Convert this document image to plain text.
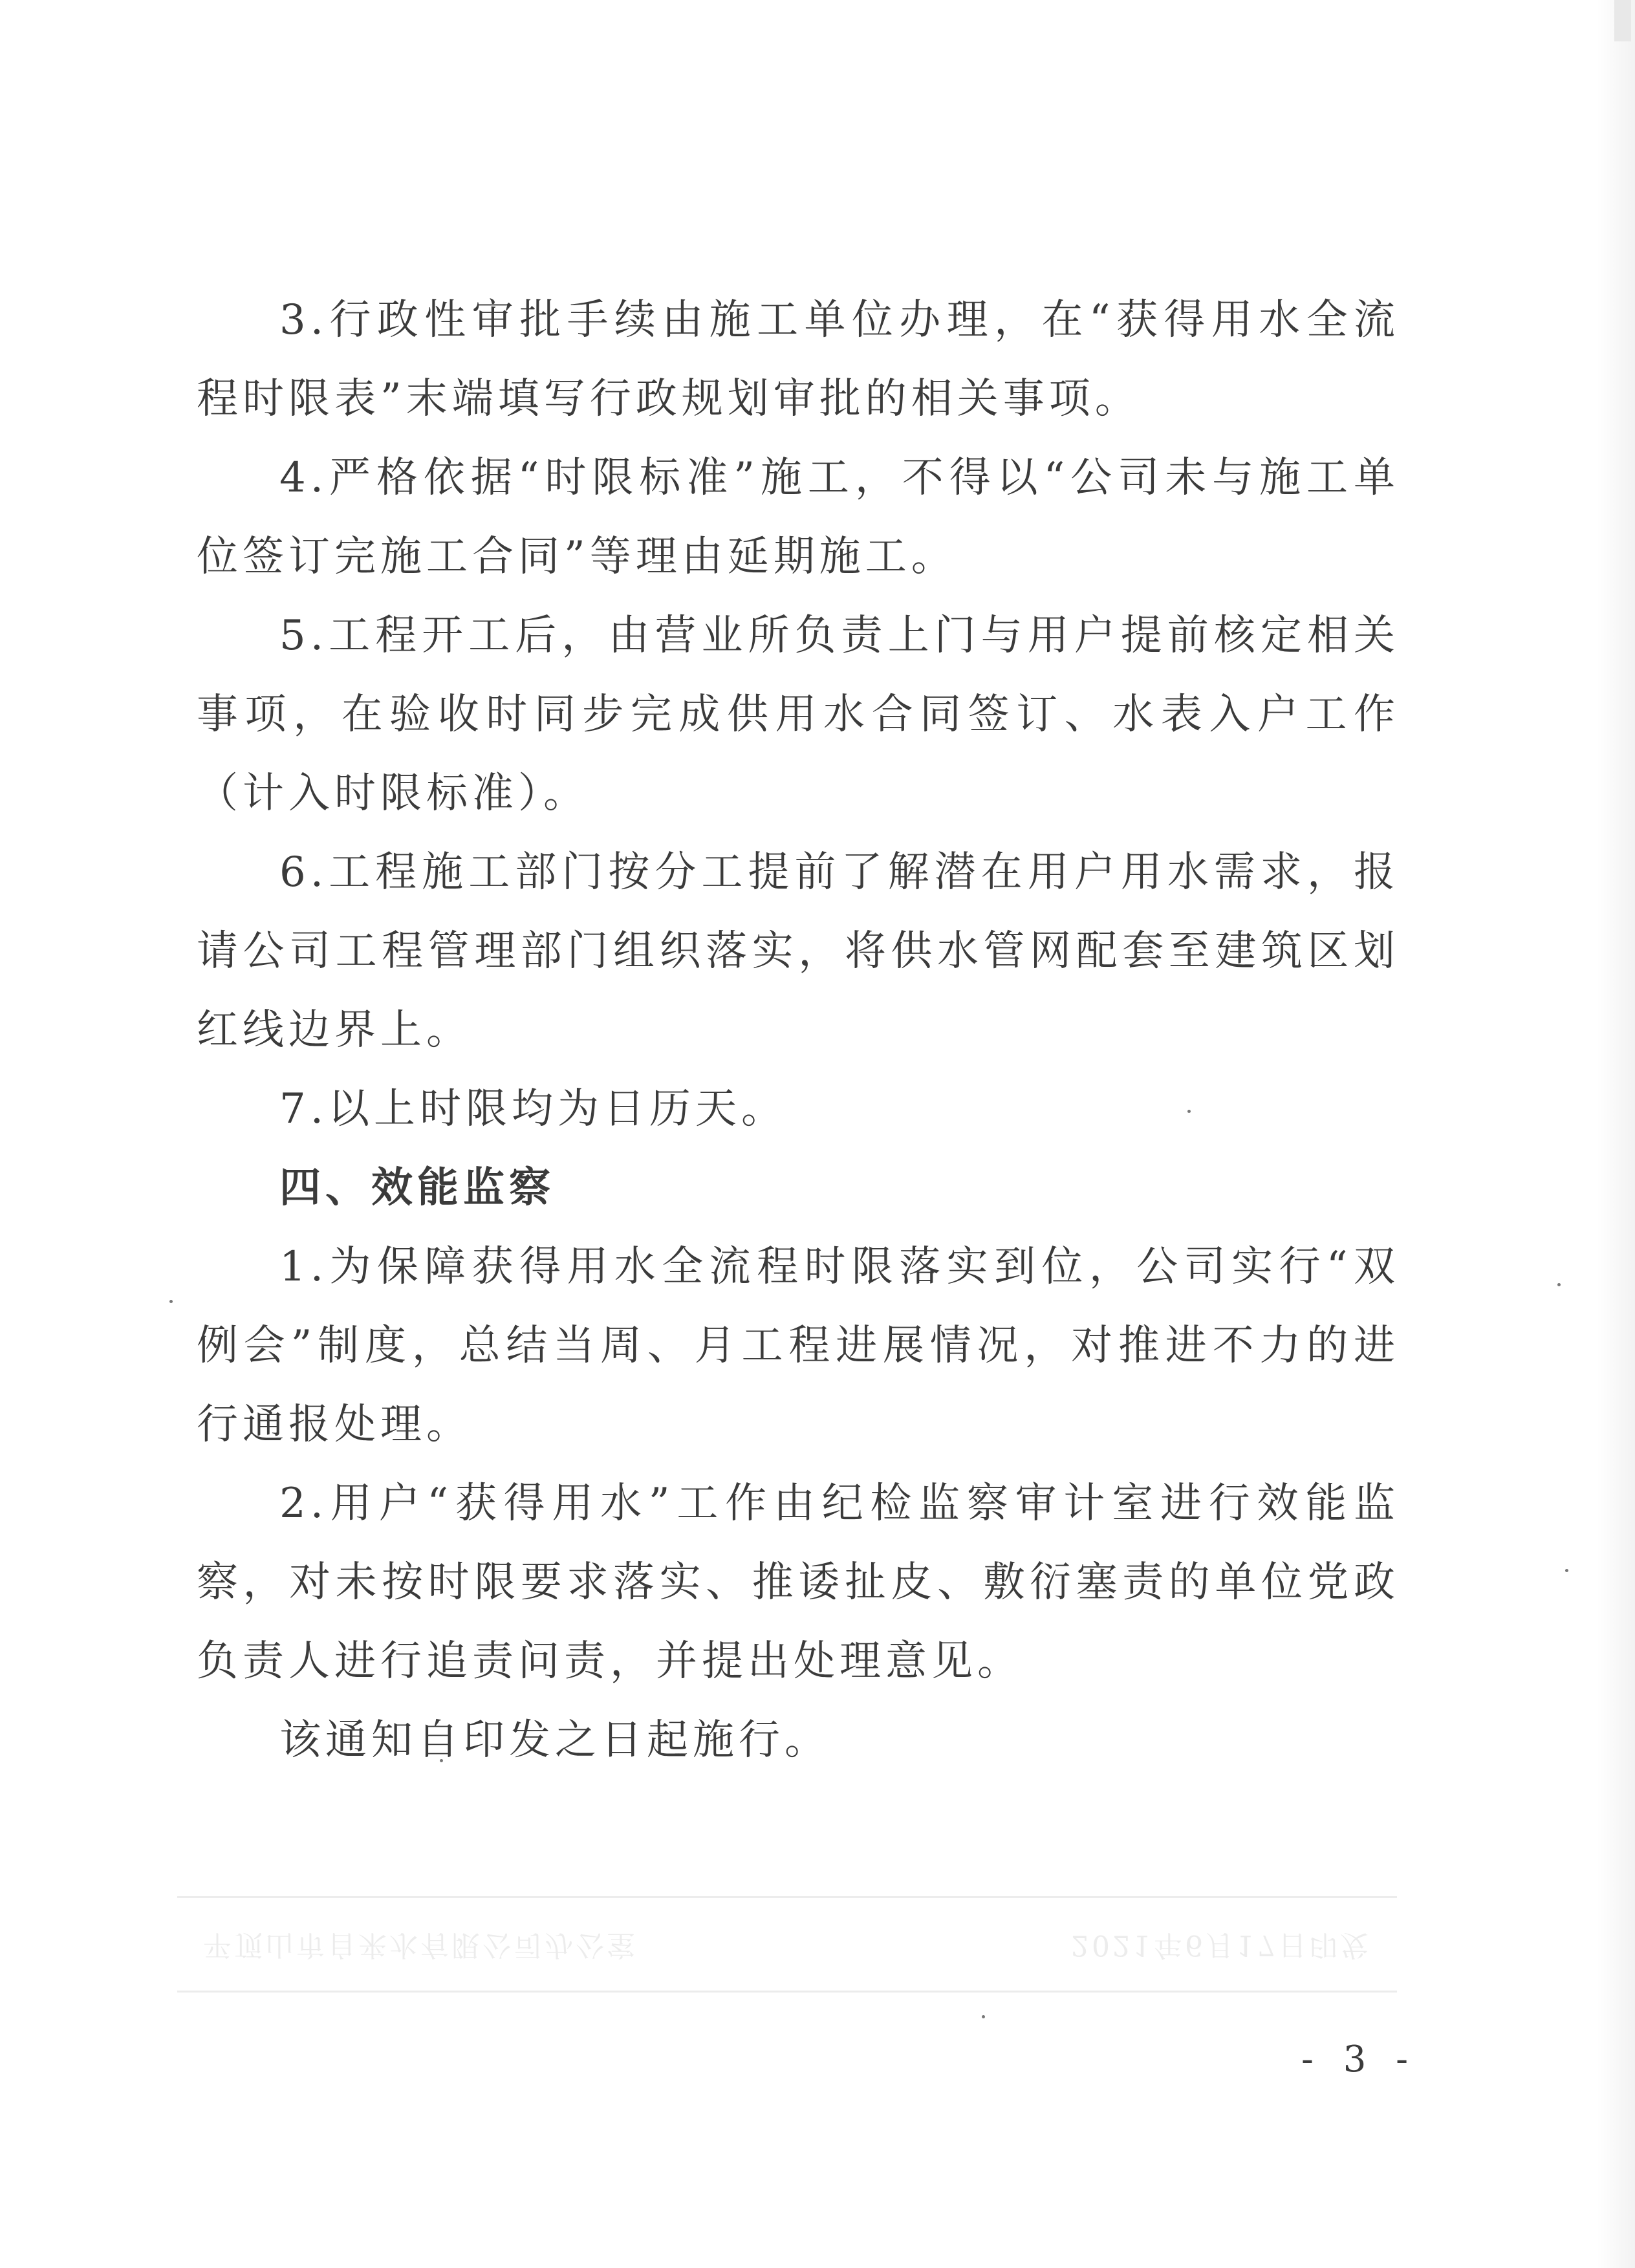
3.行政性审批手续由施工单位办理，在“获得用水全流程时限表”末端填写行政规划审批的相关事项。

4.严格依据“时限标准”施工，不得以“公司未与施工单位签订完施工合同”等理由延期施工。

5.工程开工后，由营业所负责上门与用户提前核定相关事项，在验收时同步完成供用水合同签订、水表入户工作（计入时限标准）。

6.工程施工部门按分工提前了解潜在用户用水需求，报请公司工程管理部门组织落实，将供水管网配套至建筑区划红线边界上。

7.以上时限均为日历天。

四、效能监察

1.为保障获得用水全流程时限落实到位，公司实行“双例会”制度，总结当周、月工程进展情况，对推进不力的进行通报处理。

2.用户“获得用水”工作由纪检监察审计室进行效能监察，对未按时限要求落实、推诿扯皮、敷衍塞责的单位党政负责人进行追责问责，并提出处理意见。

该通知自印发之日起施行。

平顶山市自来水有限公司办公室	2021年6月17日印发
- 3 -
